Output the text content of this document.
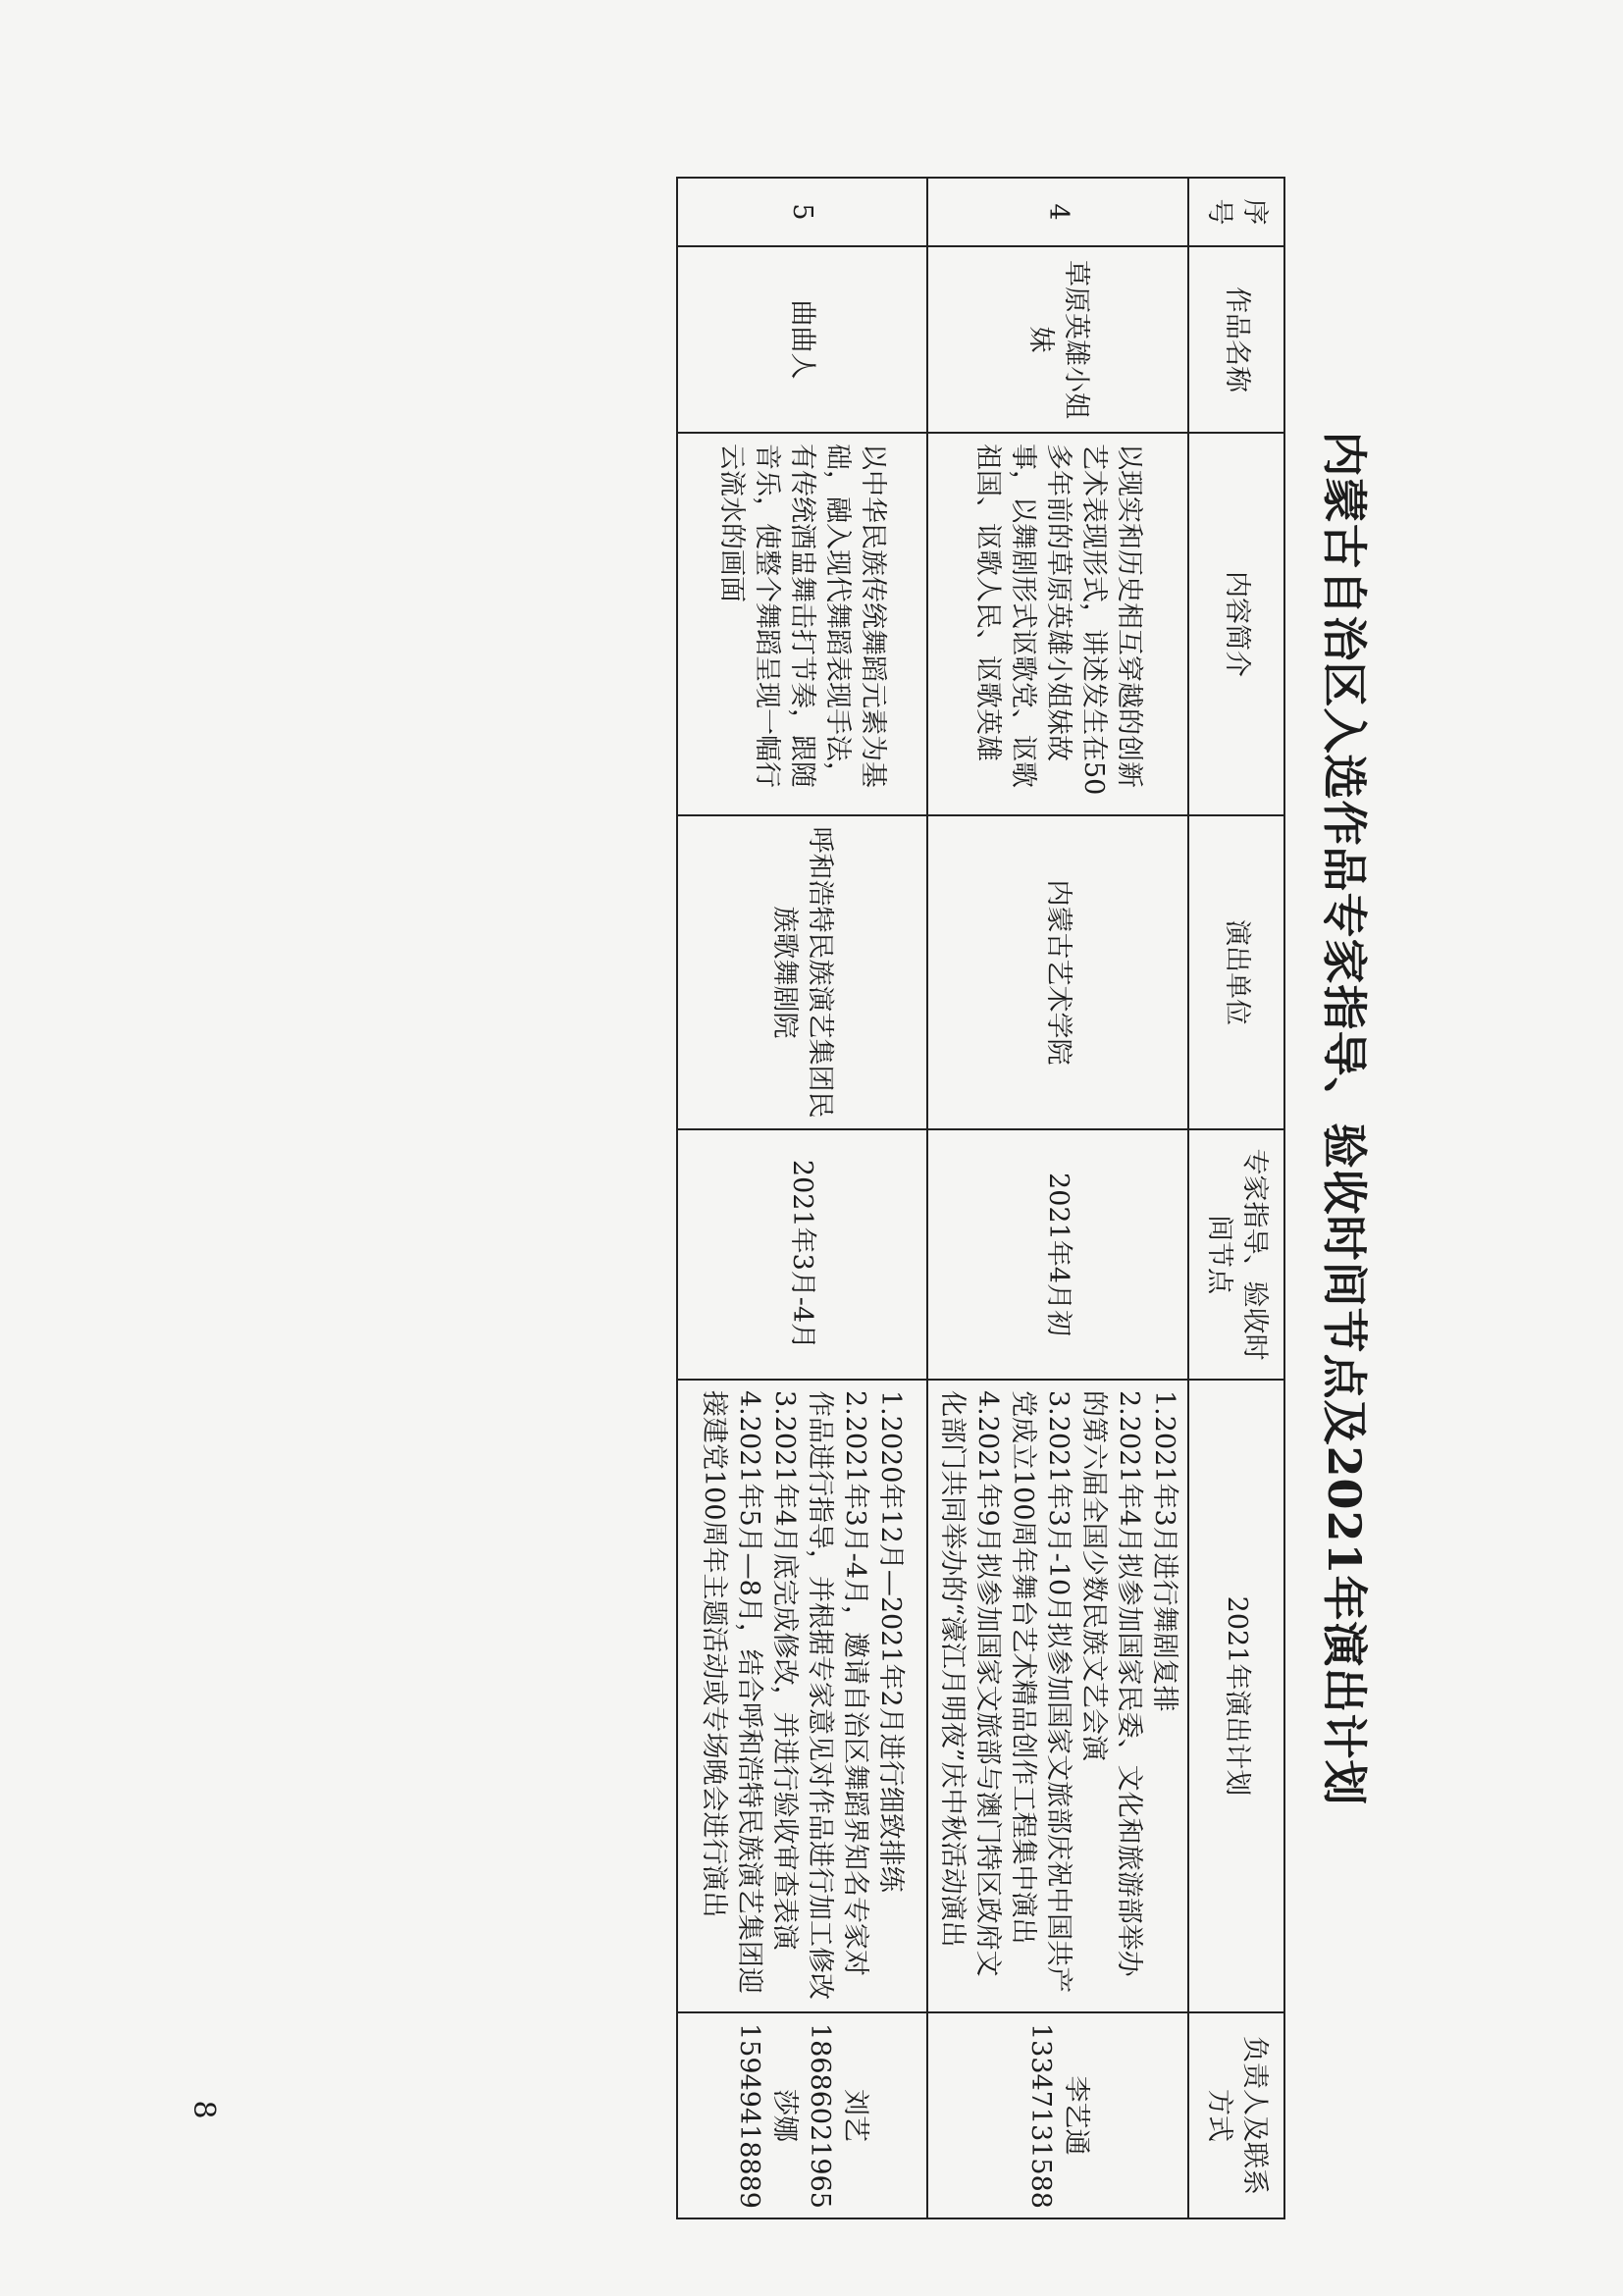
内蒙古自治区入选作品专家指导、验收时间节点及2021年演出计划
序号	作品名称	内容简介	演出单位	专家指导、验收时间节点	2021年演出计划	负责人及联系方式
4	草原英雄小姐妹	以现实和历史相互穿越的创新艺术表现形式，讲述发生在50多年前的草原英雄小姐妹故事，以舞剧形式讴歌党、讴歌祖国、讴歌人民、讴歌英雄	内蒙古艺术学院	2021年4月初	1.2021年3月进行舞剧复排
2.2021年4月拟参加国家民委、文化和旅游部举办的第六届全国少数民族文艺会演
3.2021年3月-10月拟参加国家文旅部庆祝中国共产党成立100周年舞台艺术精品创作工程集中演出
4.2021年9月拟参加国家文旅部与澳门特区政府文化部门共同举办的“濠江月明夜”庆中秋活动演出	李艺通
13347131588

5	曲曲人	以中华民族传统舞蹈元素为基础，融入现代舞蹈表现手法，有传统酒盅舞击打节奏，跟随音乐，使整个舞蹈呈现一幅行云流水的画面	呼和浩特民族演艺集团民族歌舞剧院	2021年3月-4月	1.2020年12月—2021年2月进行细致排练
2.2021年3月-4月，邀请自治区舞蹈界知名专家对作品进行指导，并根据专家意见对作品进行加工修改
3.2021年4月底完成修改，并进行验收审查表演
4.2021年5月—8月，结合呼和浩特民族演艺集团迎接建党100周年主题活动或专场晚会进行演出	刘艺
18686021965
莎娜
15949418889
8
